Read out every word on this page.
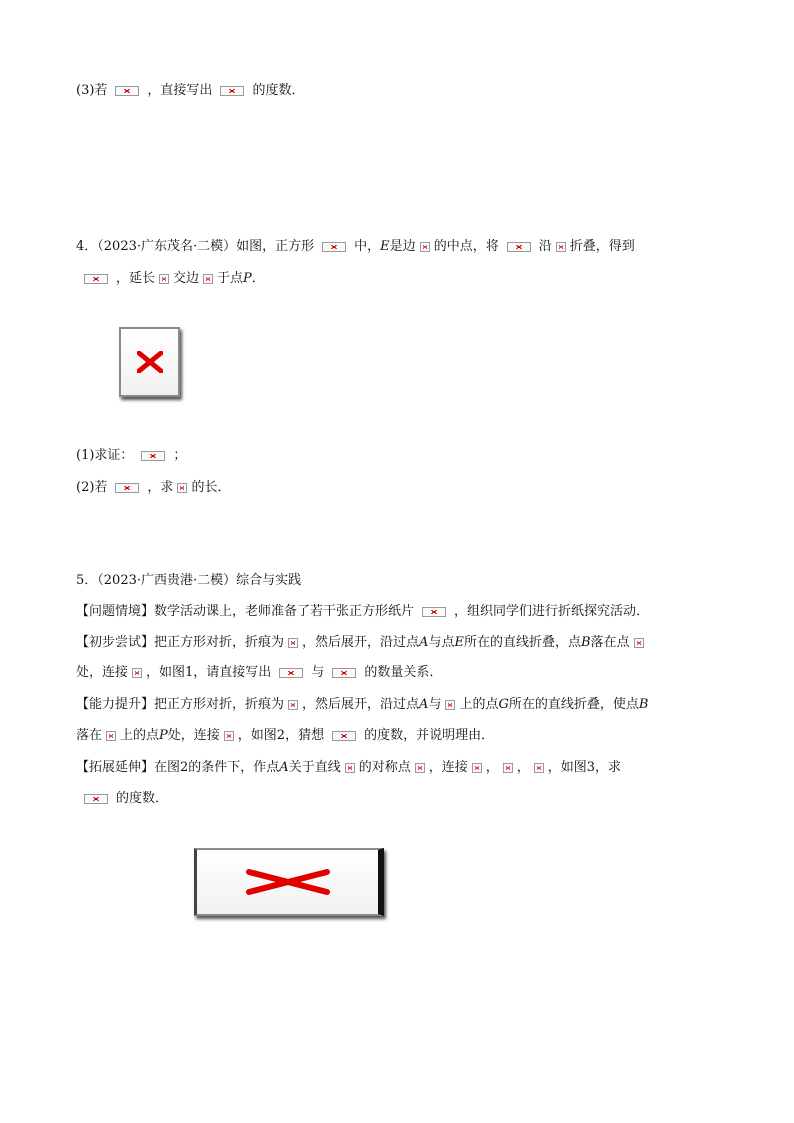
(3)若	，直接写出	的度数．
4．（2023·广东茂名·二模）如图，正方形	中，E是边 的中点，将	沿 折叠，得到
，延长 交边 于点P．
(1)求证：	；
(2)若	，求 的长．
5．（2023·广西贵港·二模）综合与实践
【问题情境】数学活动课上，老师准备了若干张正方形纸片	，组织同学们进行折纸探究活动．
【初步尝试】把正方形对折，折痕为 ，然后展开，沿过点A与点E所在的直线折叠，点B落在点
处，连接 ，如图1，请直接写出	与	的数量关系．
【能力提升】把正方形对折，折痕为 ，然后展开，沿过点A与 上的点G所在的直线折叠，使点B
落在 上的点P处，连接 ，如图2，猜想	的度数，并说明理由．
【拓展延伸】在图2的条件下，作点A关于直线 的对称点 ，连接 ， ， ，如图3，求
的度数．
